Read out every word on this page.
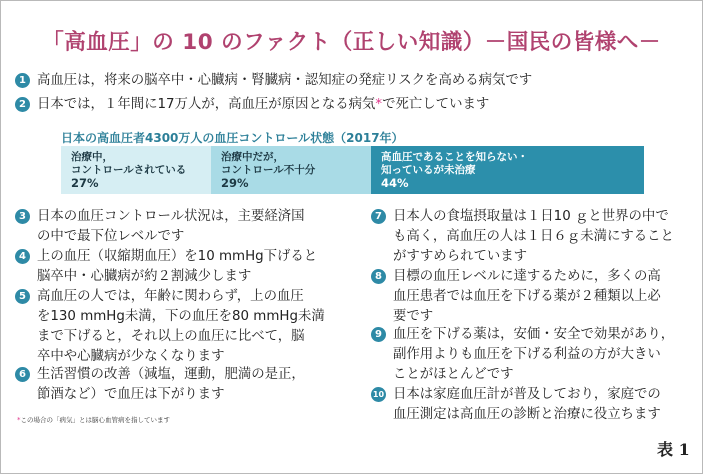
「高血圧」の 10 のファクト（正しい知識）－国民の皆様へ－
1 高血圧は，将来の脳卒中・心臓病・腎臓病・認知症の発症リスクを高める病気です
2 日本では，１年間に17万人が，高血圧が原因となる病気 * で死亡しています
日本の高血圧者4300万人の血圧コントロール状態（2017年）
治療中，
コントロールされている
27%
治療中だが，
コントロール不十分
29%
高血圧であることを知らない・
知っているが未治療
44%
3 日本の血圧コントロール状況は，主要経済国
の中で最下位レベルです
4 上の血圧（収縮期血圧）を10 mmHg下げると
脳卒中・心臓病が約２割減少します
5 高血圧の人では，年齢に関わらず，上の血圧
を130 mmHg未満，下の血圧を80 mmHg未満
まで下げると，それ以上の血圧に比べて，脳
卒中や心臓病が少なくなります
6 生活習慣の改善（減塩，運動，肥満の是正，
節酒など）で血圧は下がります
7 日本人の食塩摂取量は１日10 ｇと世界の中で
も高く，高血圧の人は１日６ｇ未満にすること
がすすめられています
8 目標の血圧レベルに達するために，多くの高
血圧患者では血圧を下げる薬が２種類以上必
要です
9 血圧を下げる薬は，安価・安全で効果があり，
副作用よりも血圧を下げる利益の方が大きい
ことがほとんどです
10 日本は家庭血圧計が普及しており，家庭での
血圧測定は高血圧の診断と治療に役立ちます
*この場合の「病気」とは脳心血管病を指しています
表 1
